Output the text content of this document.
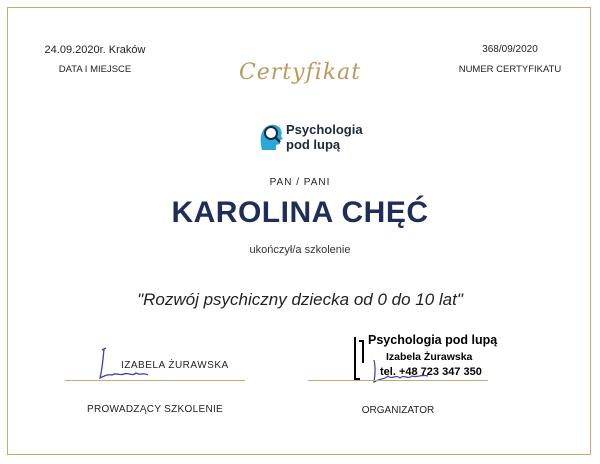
24.09.2020r. Kraków
DATA I MIEJSCE
368/09/2020
NUMER CERTYFIKATU
Certyfikat
Psychologia
pod lupą
PAN / PANI
KAROLINA CHĘĆ
ukończył/a szkolenie
"Rozwój psychiczny dziecka od 0 do 10 lat"
IZABELA ŻURAWSKA
PROWADZĄCY SZKOLENIE
Psychologia pod lupą
Izabela Żurawska
tel. +48 723 347 350
ORGANIZATOR
